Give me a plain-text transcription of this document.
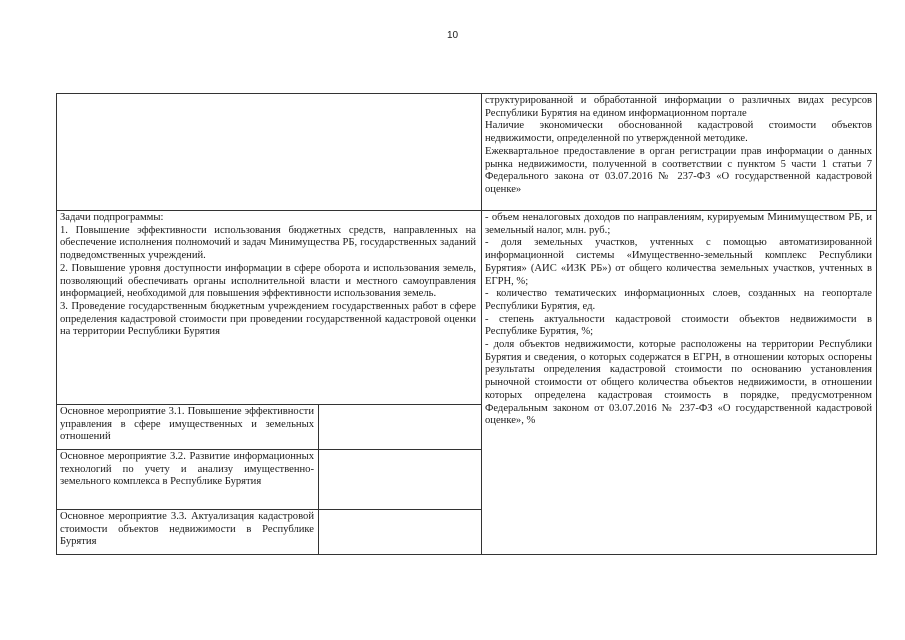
10

структурированной и обработанной информации о различных видах ресурсов Республики Бурятия на едином информационном портале

Наличие экономически обоснованной кадастровой стоимости объектов недвижимости, определенной по утвержденной методике.

Ежеквартальное предоставление в орган регистрации прав информации о данных рынка недвижимости, полученной в соответствии с пунктом 5 части 1 статьи 7 Федерального закона от 03.07.2016 № 237-ФЗ «О государственной кадастровой оценке»

Задачи подпрограммы:

1. Повышение эффективности использования бюджетных средств, направленных на обеспечение исполнения полномочий и задач Минимущества РБ, государственных заданий подведомственных учреждений.

2. Повышение уровня доступности информации в сфере оборота и использования земель, позволяющий обеспечивать органы исполнительной власти и местного самоуправления информацией, необходимой для повышения эффективности использования земель.

3. Проведение государственным бюджетным учреждением государственных работ в сфере определения кадастровой стоимости при проведении государственной кадастровой оценки на территории Республики Бурятия

Основное мероприятие 3.1. Повышение эффективности управления в сфере имущественных и земельных отношений

Основное мероприятие 3.2. Развитие информационных технологий по учету и анализу имущественно-земельного комплекса в Республике Бурятия

Основное мероприятие 3.3. Актуализация кадастровой стоимости объектов недвижимости в Республике Бурятия

- объем неналоговых доходов по направлениям, курируемым Минимуществом РБ, и земельный налог, млн. руб.;

- доля земельных участков, учтенных с помощью автоматизированной информационной системы «Имущественно-земельный комплекс Республики Бурятия» (АИС «ИЗК РБ») от общего количества земельных участков, учтенных в ЕГРН, %;

- количество тематических информационных слоев, созданных на геопортале Республики Бурятия, ед.

- степень актуальности кадастровой стоимости объектов недвижимости в Республике Бурятия, %;

- доля объектов недвижимости, которые расположены на территории Республики Бурятия и сведения, о которых содержатся в ЕГРН, в отношении которых оспорены результаты определения кадастровой стоимости по основанию установления рыночной стоимости от общего количества объектов недвижимости, в отношении которых определена кадастровая стоимость в порядке, предусмотренном Федеральным законом от 03.07.2016 № 237-ФЗ «О государственной кадастровой оценке», %
